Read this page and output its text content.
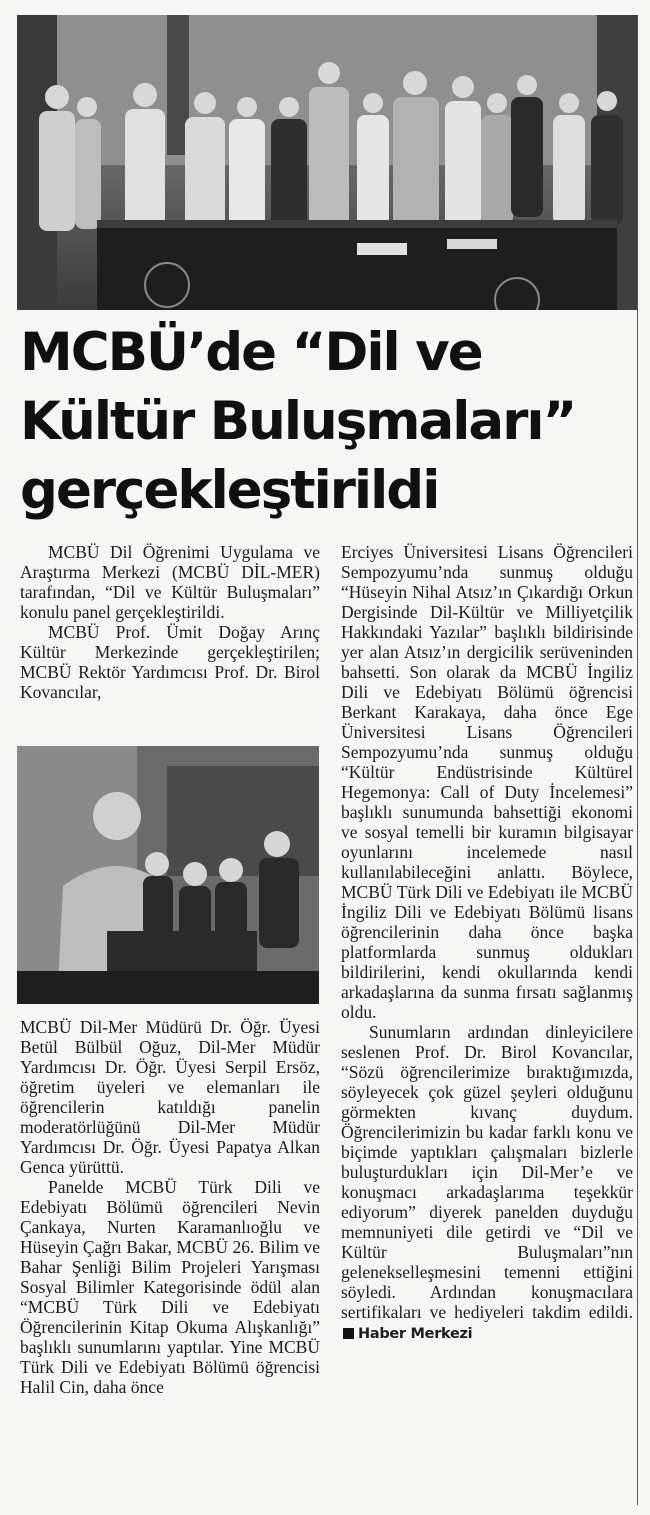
MCBÜ’de “Dil ve Kültür Buluşmaları” gerçekleştirildi

MCBÜ Dil Öğrenimi Uygulama ve Araştırma Merkezi (MCBÜ DİL-MER) tarafından, “Dil ve Kültür Buluşmaları” konulu panel gerçekleştirildi.

MCBÜ Prof. Ümit Doğay Arınç Kültür Merkezinde gerçekleştirilen; MCBÜ Rektör Yardımcısı Prof. Dr. Birol Kovancılar,

MCBÜ Dil-Mer Müdürü Dr. Öğr. Üyesi Betül Bülbül Oğuz, Dil-Mer Müdür Yardımcısı Dr. Öğr. Üyesi Serpil Ersöz, öğretim üyeleri ve elemanları ile öğrencilerin katıldığı panelin moderatörlüğünü Dil-Mer Müdür Yardımcısı Dr. Öğr. Üyesi Papatya Alkan Genca yürüttü.

Panelde MCBÜ Türk Dili ve Edebiyatı Bölümü öğrencileri Nevin Çankaya, Nurten Karamanlıoğlu ve Hüseyin Çağrı Bakar, MCBÜ 26. Bilim ve Bahar Şenliği Bilim Projeleri Yarışması Sosyal Bilimler Kategorisinde ödül alan “MCBÜ Türk Dili ve Edebiyatı Öğrencilerinin Kitap Okuma Alışkanlığı” başlıklı sunumlarını yaptılar. Yine MCBÜ Türk Dili ve Edebiyatı Bölümü öğrencisi Halil Cin, daha önce

Erciyes Üniversitesi Lisans Öğrencileri Sempozyumu’nda sunmuş olduğu “Hüseyin Nihal Atsız’ın Çıkardığı Orkun Dergisinde Dil-Kültür ve Milliyetçilik Hakkındaki Yazılar” başlıklı bildirisinde yer alan Atsız’ın dergicilik serüveninden bahsetti. Son olarak da MCBÜ İngiliz Dili ve Edebiyatı Bölümü öğrencisi Berkant Karakaya, daha önce Ege Üniversitesi Lisans Öğrencileri Sempozyumu’nda sunmuş olduğu “Kültür Endüstrisinde Kültürel Hegemonya: Call of Duty İncelemesi” başlıklı sunumunda bahsettiği ekonomi ve sosyal temelli bir kuramın bilgisayar oyunlarını incelemede nasıl kullanılabileceğini anlattı. Böylece, MCBÜ Türk Dili ve Edebiyatı ile MCBÜ İngiliz Dili ve Edebiyatı Bölümü lisans öğrencilerinin daha önce başka platformlarda sunmuş oldukları bildirilerini, kendi okullarında kendi arkadaşlarına da sunma fırsatı sağlanmış oldu.

Sunumların ardından dinleyicilere seslenen Prof. Dr. Birol Kovancılar, “Sözü öğrencilerimize bıraktığımızda, söyleyecek çok güzel şeyleri olduğunu görmekten kıvanç duydum. Öğrencilerimizin bu kadar farklı konu ve biçimde yaptıkları çalışmaları bizlerle buluşturdukları için Dil-Mer’e ve konuşmacı arkadaşlarıma teşekkür ediyorum” diyerek panelden duyduğu memnuniyeti dile getirdi ve “Dil ve Kültür Buluşmaları”nın gelenekselleşmesini temenni ettiğini söyledi. Ardından konuşmacılara sertifikaları ve hediyeleri takdim edildi. Haber Merkezi
